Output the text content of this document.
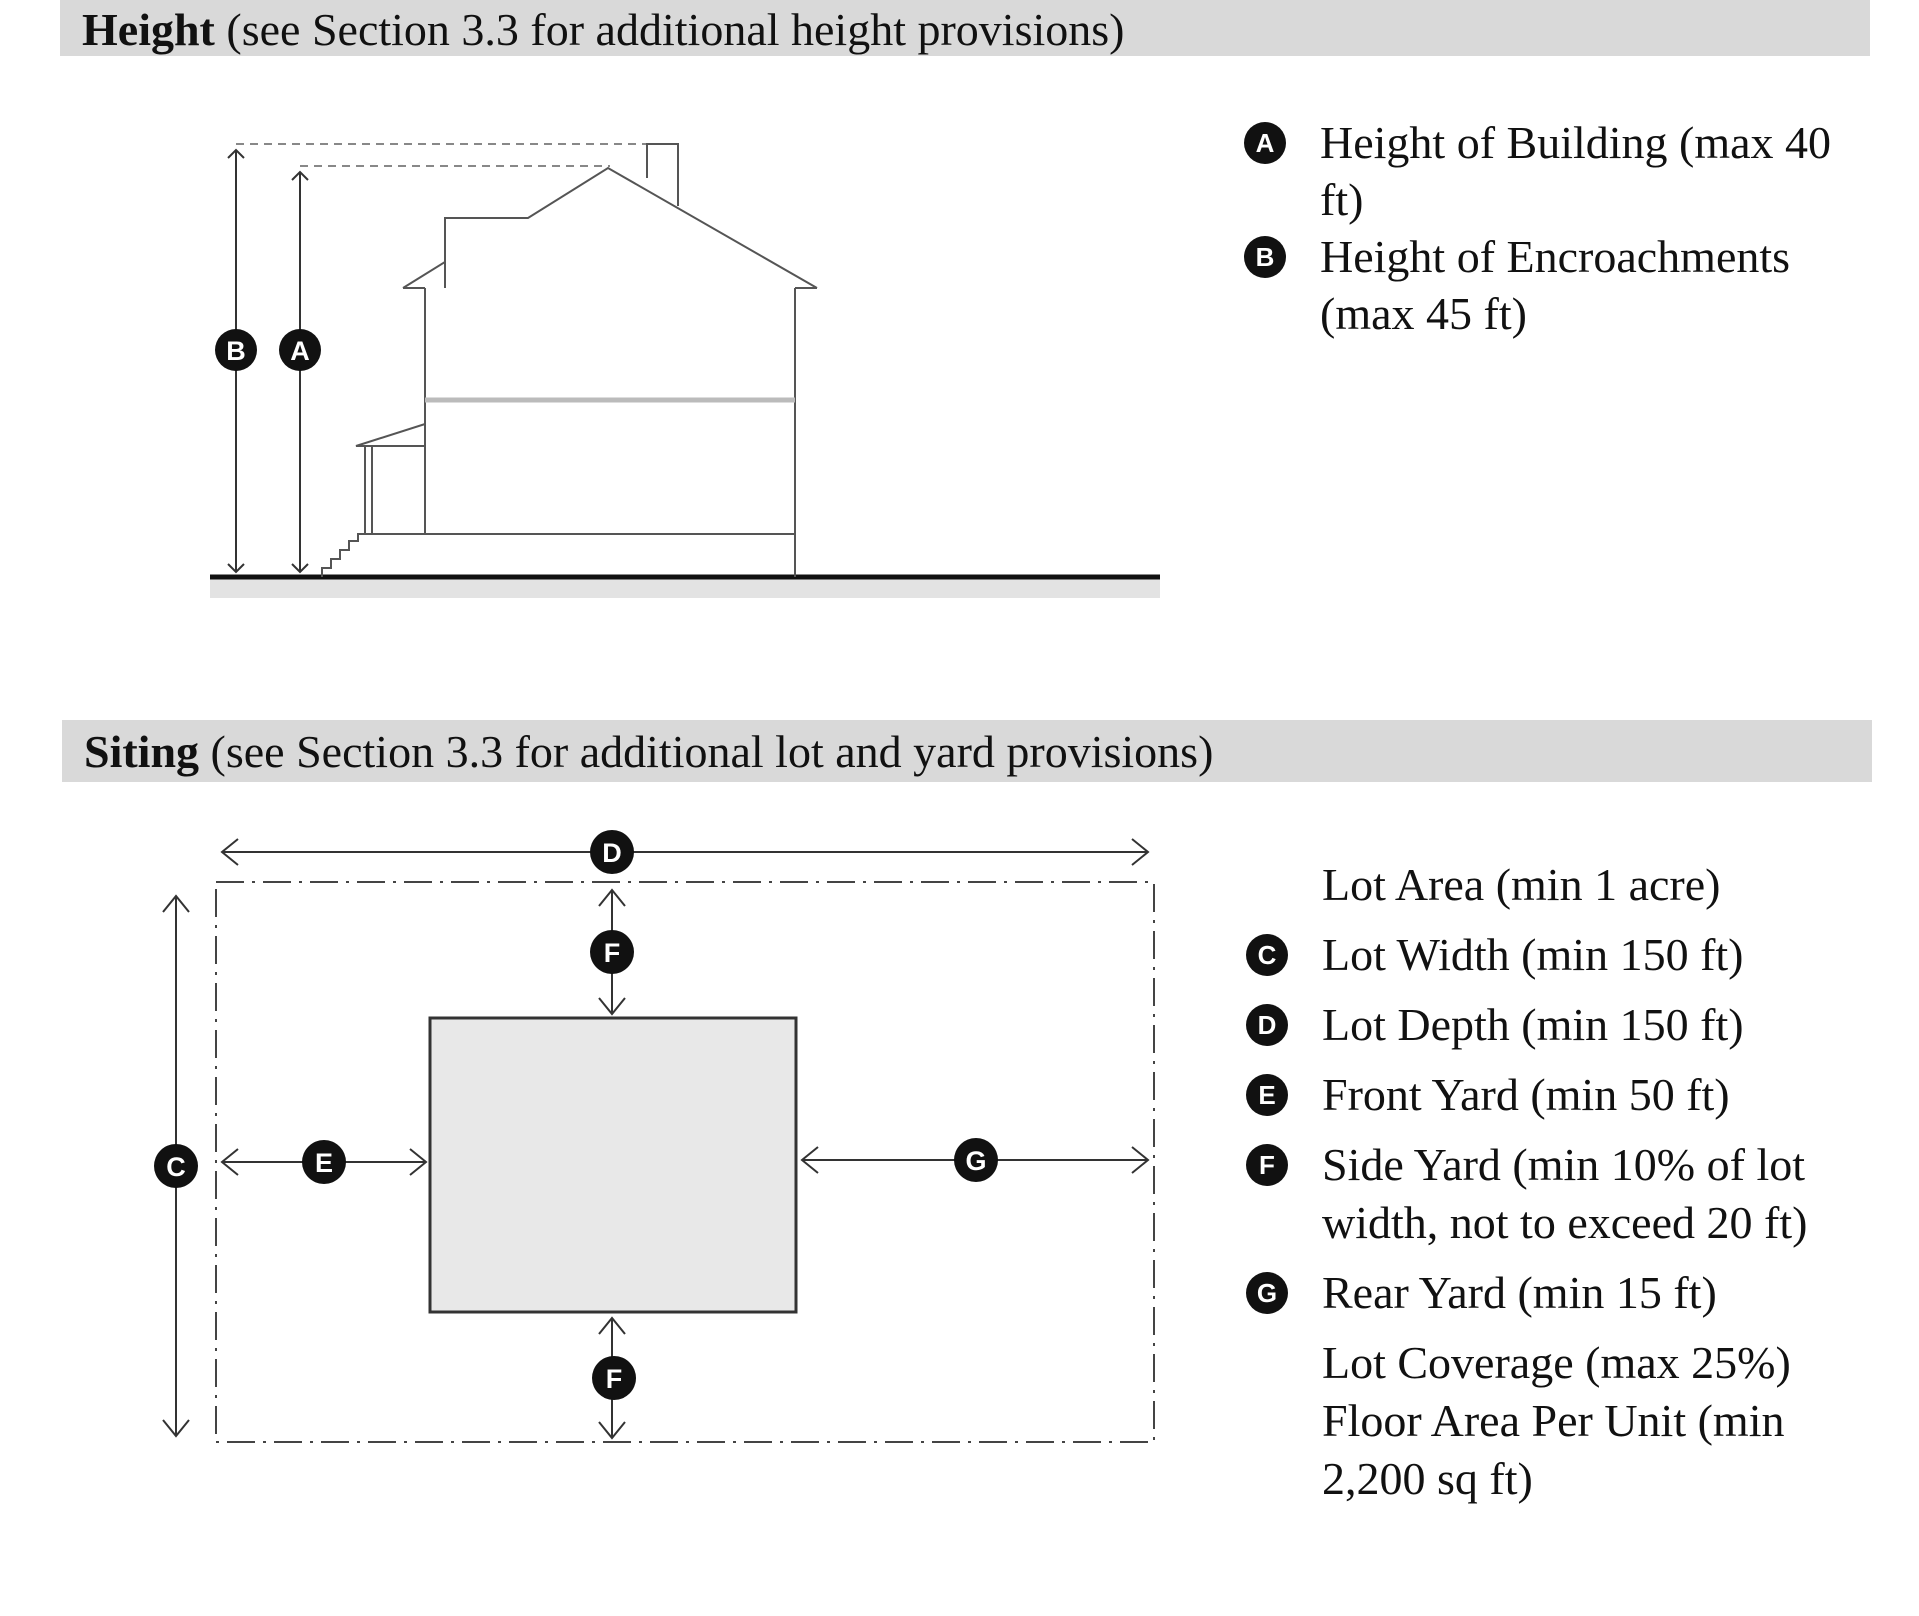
Height (see Section 3.3 for additional height provisions)
B A
A Height of Building (max 40 ft)
B Height of Encroachments (max 45 ft)
Siting (see Section 3.3 for additional lot and yard provisions)
D
C
F
F
E	G
Lot Area (min 1 acre)
C Lot Width (min 150 ft)
D Lot Depth (min 150 ft)
E Front Yard (min 50 ft)
F Side Yard (min 10% of lot width, not to exceed 20 ft)
G Rear Yard (min 15 ft)
Lot Coverage (max 25%)
Floor Area Per Unit (min 2,200 sq ft)
